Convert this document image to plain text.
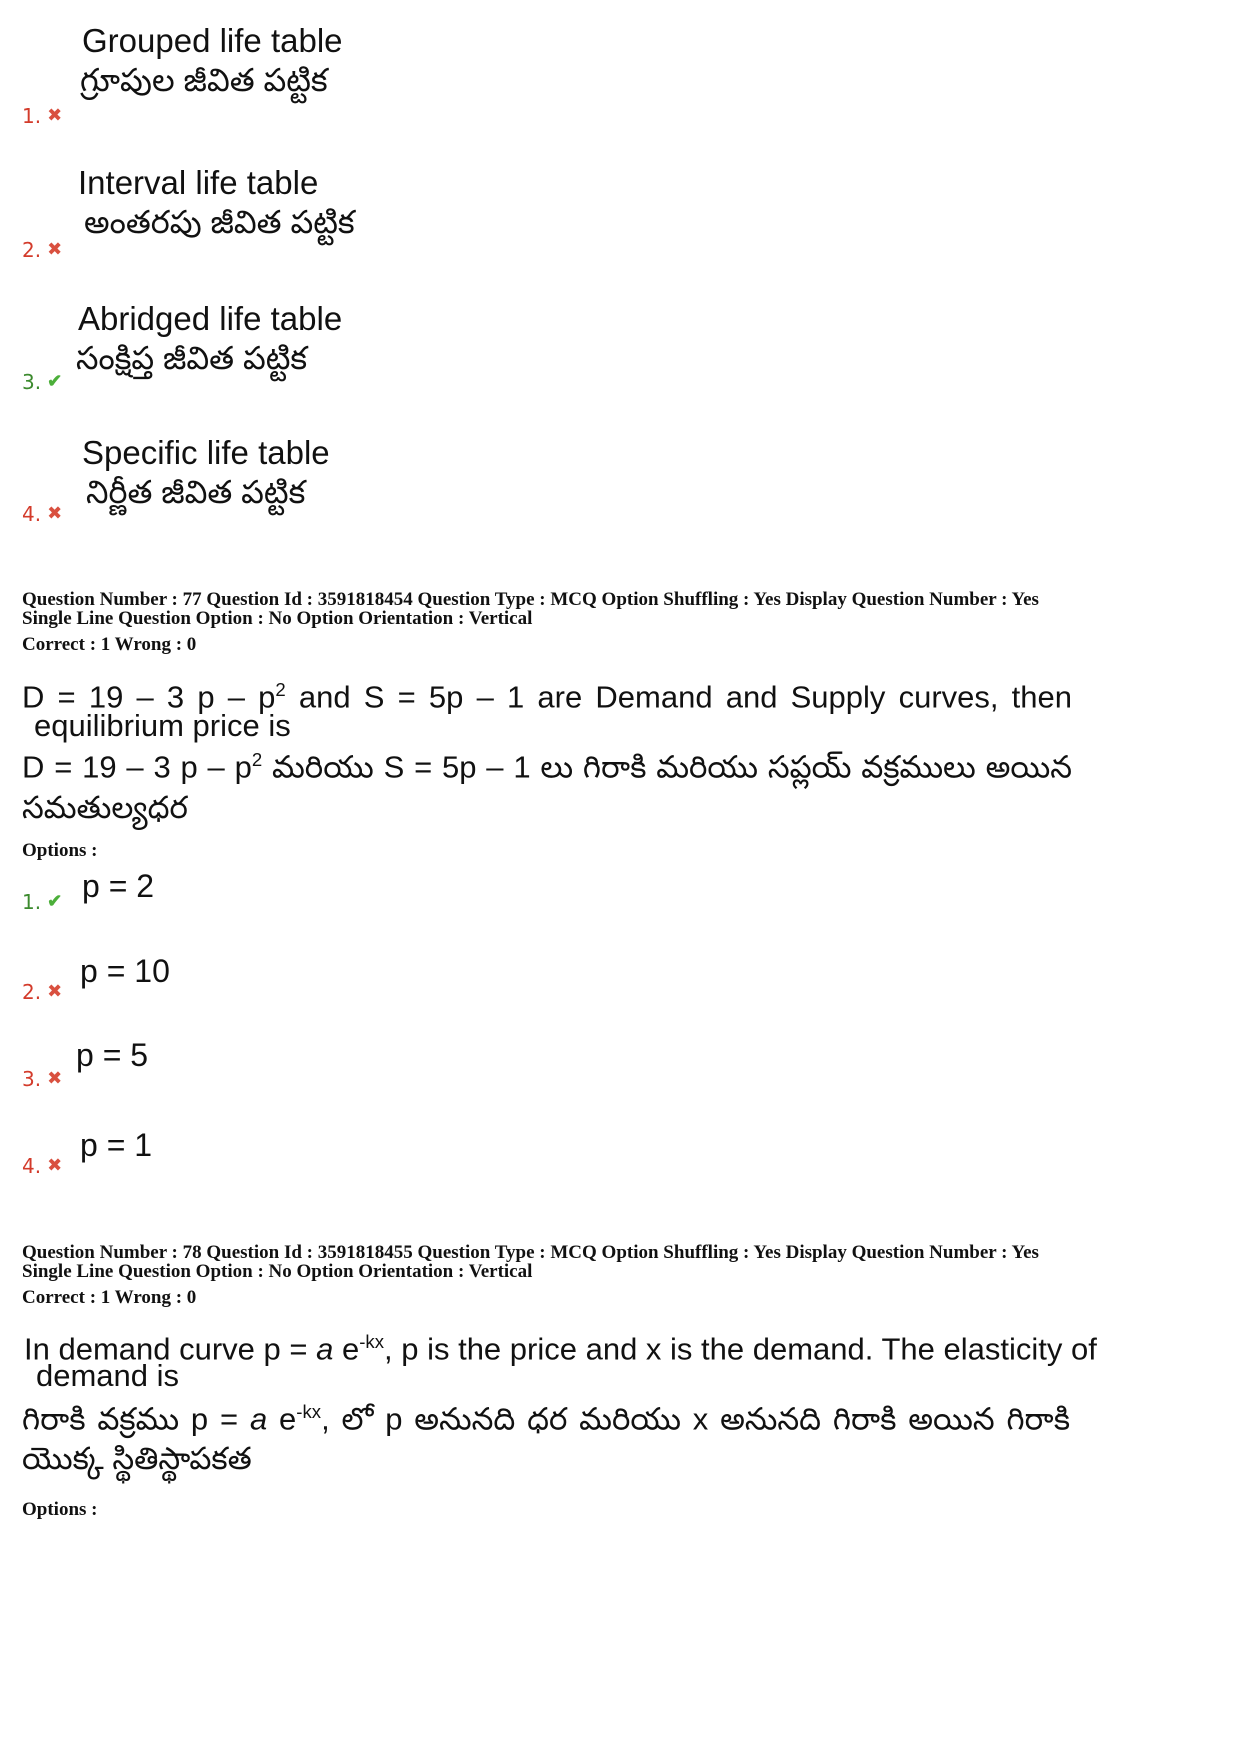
Grouped life table
గ్రూపుల జీవిత పట్టిక
1. ✖
Interval life table
అంతరపు జీవిత పట్టిక
2. ✖
Abridged life table
సంక్షిప్త జీవిత పట్టిక
3. ✔
Specific life table
నిర్ణీత జీవిత పట్టిక
4. ✖
Question Number : 77 Question Id : 3591818454 Question Type : MCQ Option Shuffling : Yes Display Question Number : Yes
Single Line Question Option : No Option Orientation : Vertical
Correct : 1 Wrong : 0
D = 19 – 3 p – $p^2$ and S = 5p – 1 are Demand and Supply curves, then
equilibrium price is
D = 19 – 3 p – $p^2$ మరియు S = 5p – 1 లు గిరాకి మరియు సప్లయ్ వక్రములు అయిన
సమతుల్యధర
Options :
1. ✔ p = 2
2. ✖
p = 10
3. ✖
p = 5
4. ✖
p = 1
Question Number : 78 Question Id : 3591818455 Question Type : MCQ Option Shuffling : Yes Display Question Number : Yes
Single Line Question Option : No Option Orientation : Vertical
Correct : 1 Wrong : 0
In demand curve p = a $e^{-kx}$, p is the price and x is the demand. The elasticity of
demand is
గిరాకి వక్రము p = a $e^{-kx}$, లో p అనునది ధర మరియు x అనునది గిరాకి అయిన గిరాకి
యొక్క స్థితిస్థాపకత
Options :
